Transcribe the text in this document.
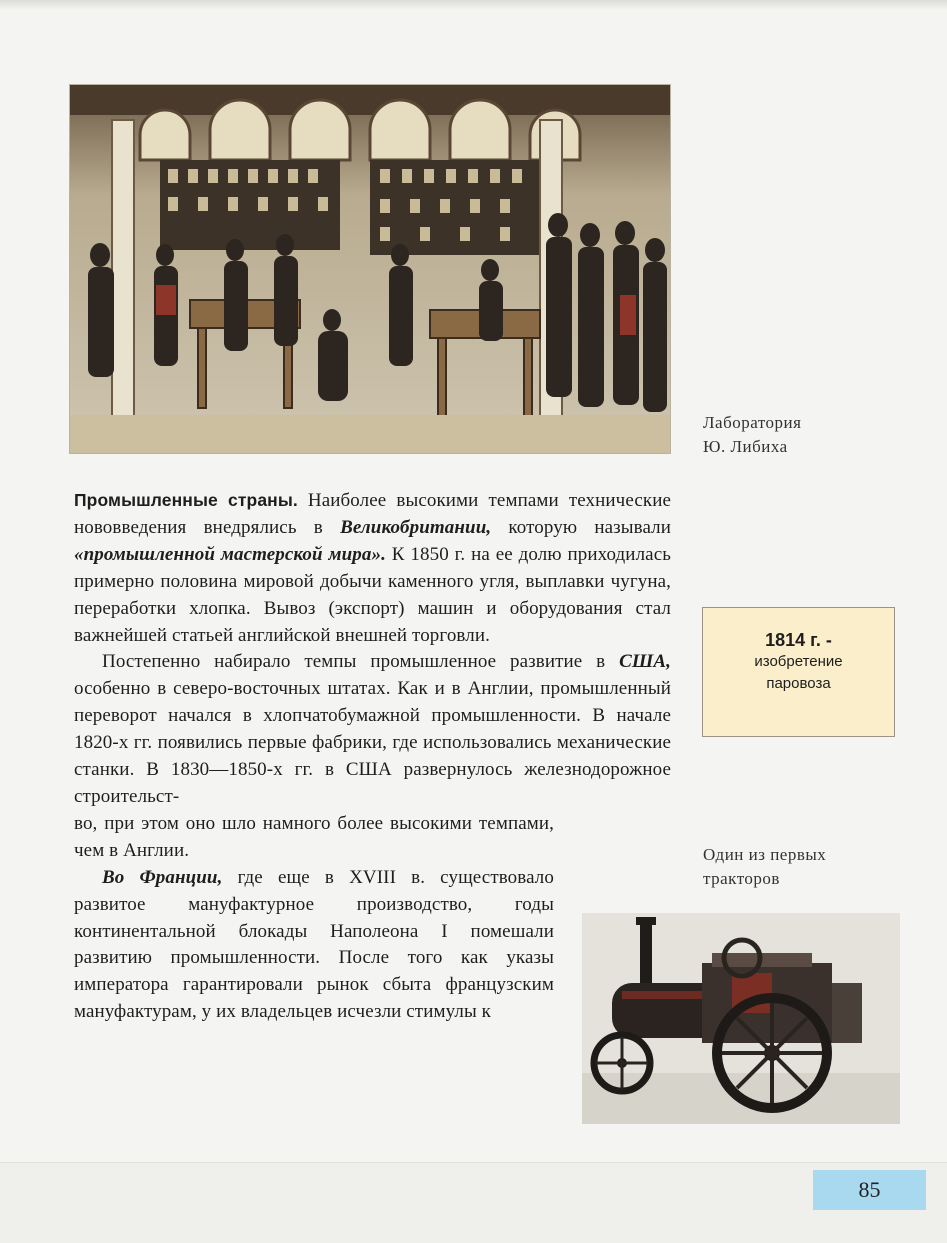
Лаборатория
Ю. Либиха

Промышленные страны. Наиболее высокими темпами технические нововведения внедрялись в Великобритании, которую называли «промышленной мастерской мира». К 1850 г. на ее долю приходилась примерно половина мировой добычи каменного угля, выплавки чугуна, переработки хлопка. Вывоз (экспорт) машин и оборудования стал важнейшей статьей английской внешней торговли.

Постепенно набирало темпы промышленное развитие в США, особенно в северо-восточных штатах. Как и в Англии, промышленный переворот начался в хлопчатобумажной промышленности. В начале 1820-х гг. появились первые фабрики, где использовались механические станки. В 1830—1850-х гг. в США развернулось железнодорожное строительст-

во, при этом оно шло намного более высокими темпами, чем в Англии.

Во Франции, где еще в XVIII в. существовало развитое мануфактурное производство, годы континентальной блокады Наполеона I помешали развитию промышленности. После того как указы императора гарантировали рынок сбыта французским мануфактурам, у их владельцев исчезли стимулы к

1814 г. -
изобретение
паровоза
Один из первых
тракторов
85
